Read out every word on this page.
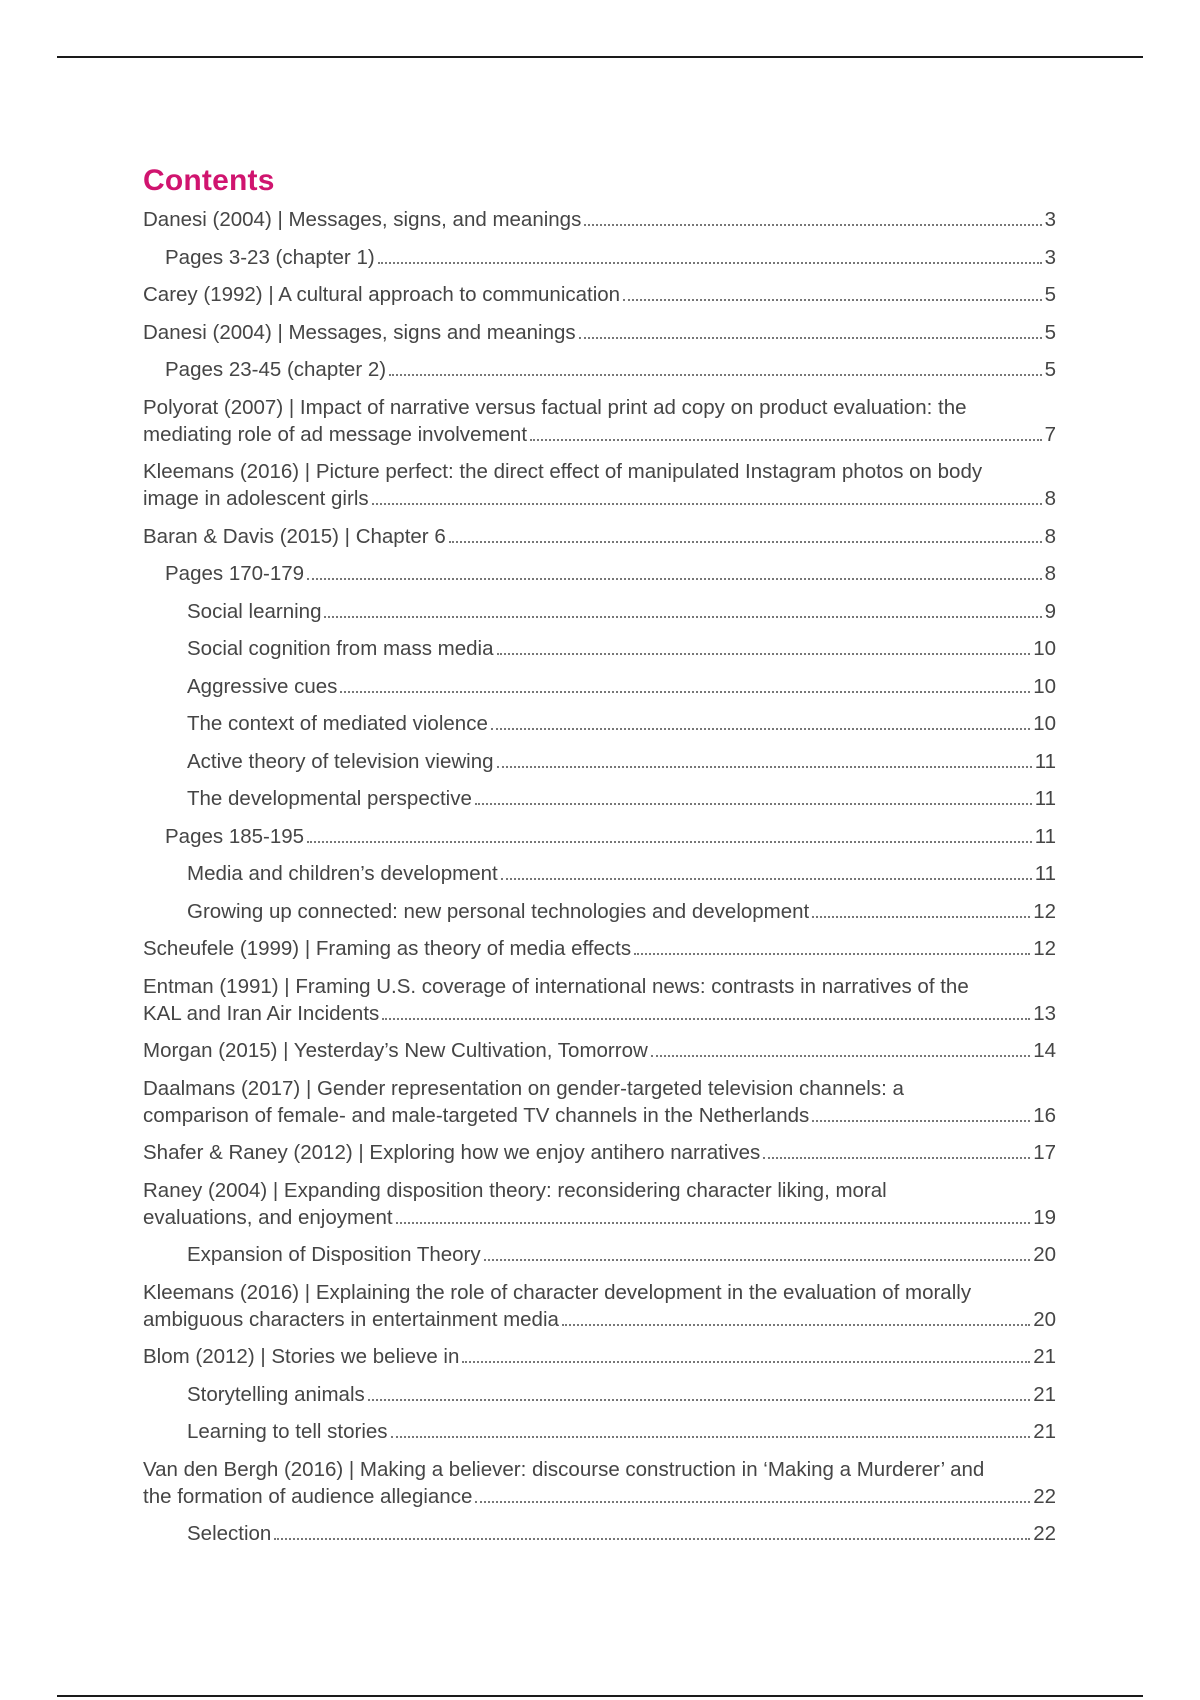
Contents
Danesi (2004) | Messages, signs, and meanings	3
Pages 3-23 (chapter 1)	3
Carey (1992) | A cultural approach to communication	5
Danesi (2004) | Messages, signs and meanings	5
Pages 23-45 (chapter 2)	5
Polyorat (2007) | Impact of narrative versus factual print ad copy on product evaluation: the
mediating role of ad message involvement	7
Kleemans (2016) | Picture perfect: the direct effect of manipulated Instagram photos on body
image in adolescent girls	8
Baran & Davis (2015) | Chapter 6	8
Pages 170-179	8
Social learning	9
Social cognition from mass media	10
Aggressive cues	10
The context of mediated violence	10
Active theory of television viewing	11
The developmental perspective	11
Pages 185-195	11
Media and children’s development	11
Growing up connected: new personal technologies and development	12
Scheufele (1999) | Framing as theory of media effects	12
Entman (1991) | Framing U.S. coverage of international news: contrasts in narratives of the
KAL and Iran Air Incidents	13
Morgan (2015) | Yesterday’s New Cultivation, Tomorrow	14
Daalmans (2017) | Gender representation on gender-targeted television channels: a
comparison of female- and male-targeted TV channels in the Netherlands	16
Shafer & Raney (2012) | Exploring how we enjoy antihero narratives	17
Raney (2004) | Expanding disposition theory: reconsidering character liking, moral
evaluations, and enjoyment	19
Expansion of Disposition Theory	20
Kleemans (2016) | Explaining the role of character development in the evaluation of morally
ambiguous characters in entertainment media	20
Blom (2012) | Stories we believe in	21
Storytelling animals	21
Learning to tell stories	21
Van den Bergh (2016) | Making a believer: discourse construction in ‘Making a Murderer’ and
the formation of audience allegiance	22
Selection	22
